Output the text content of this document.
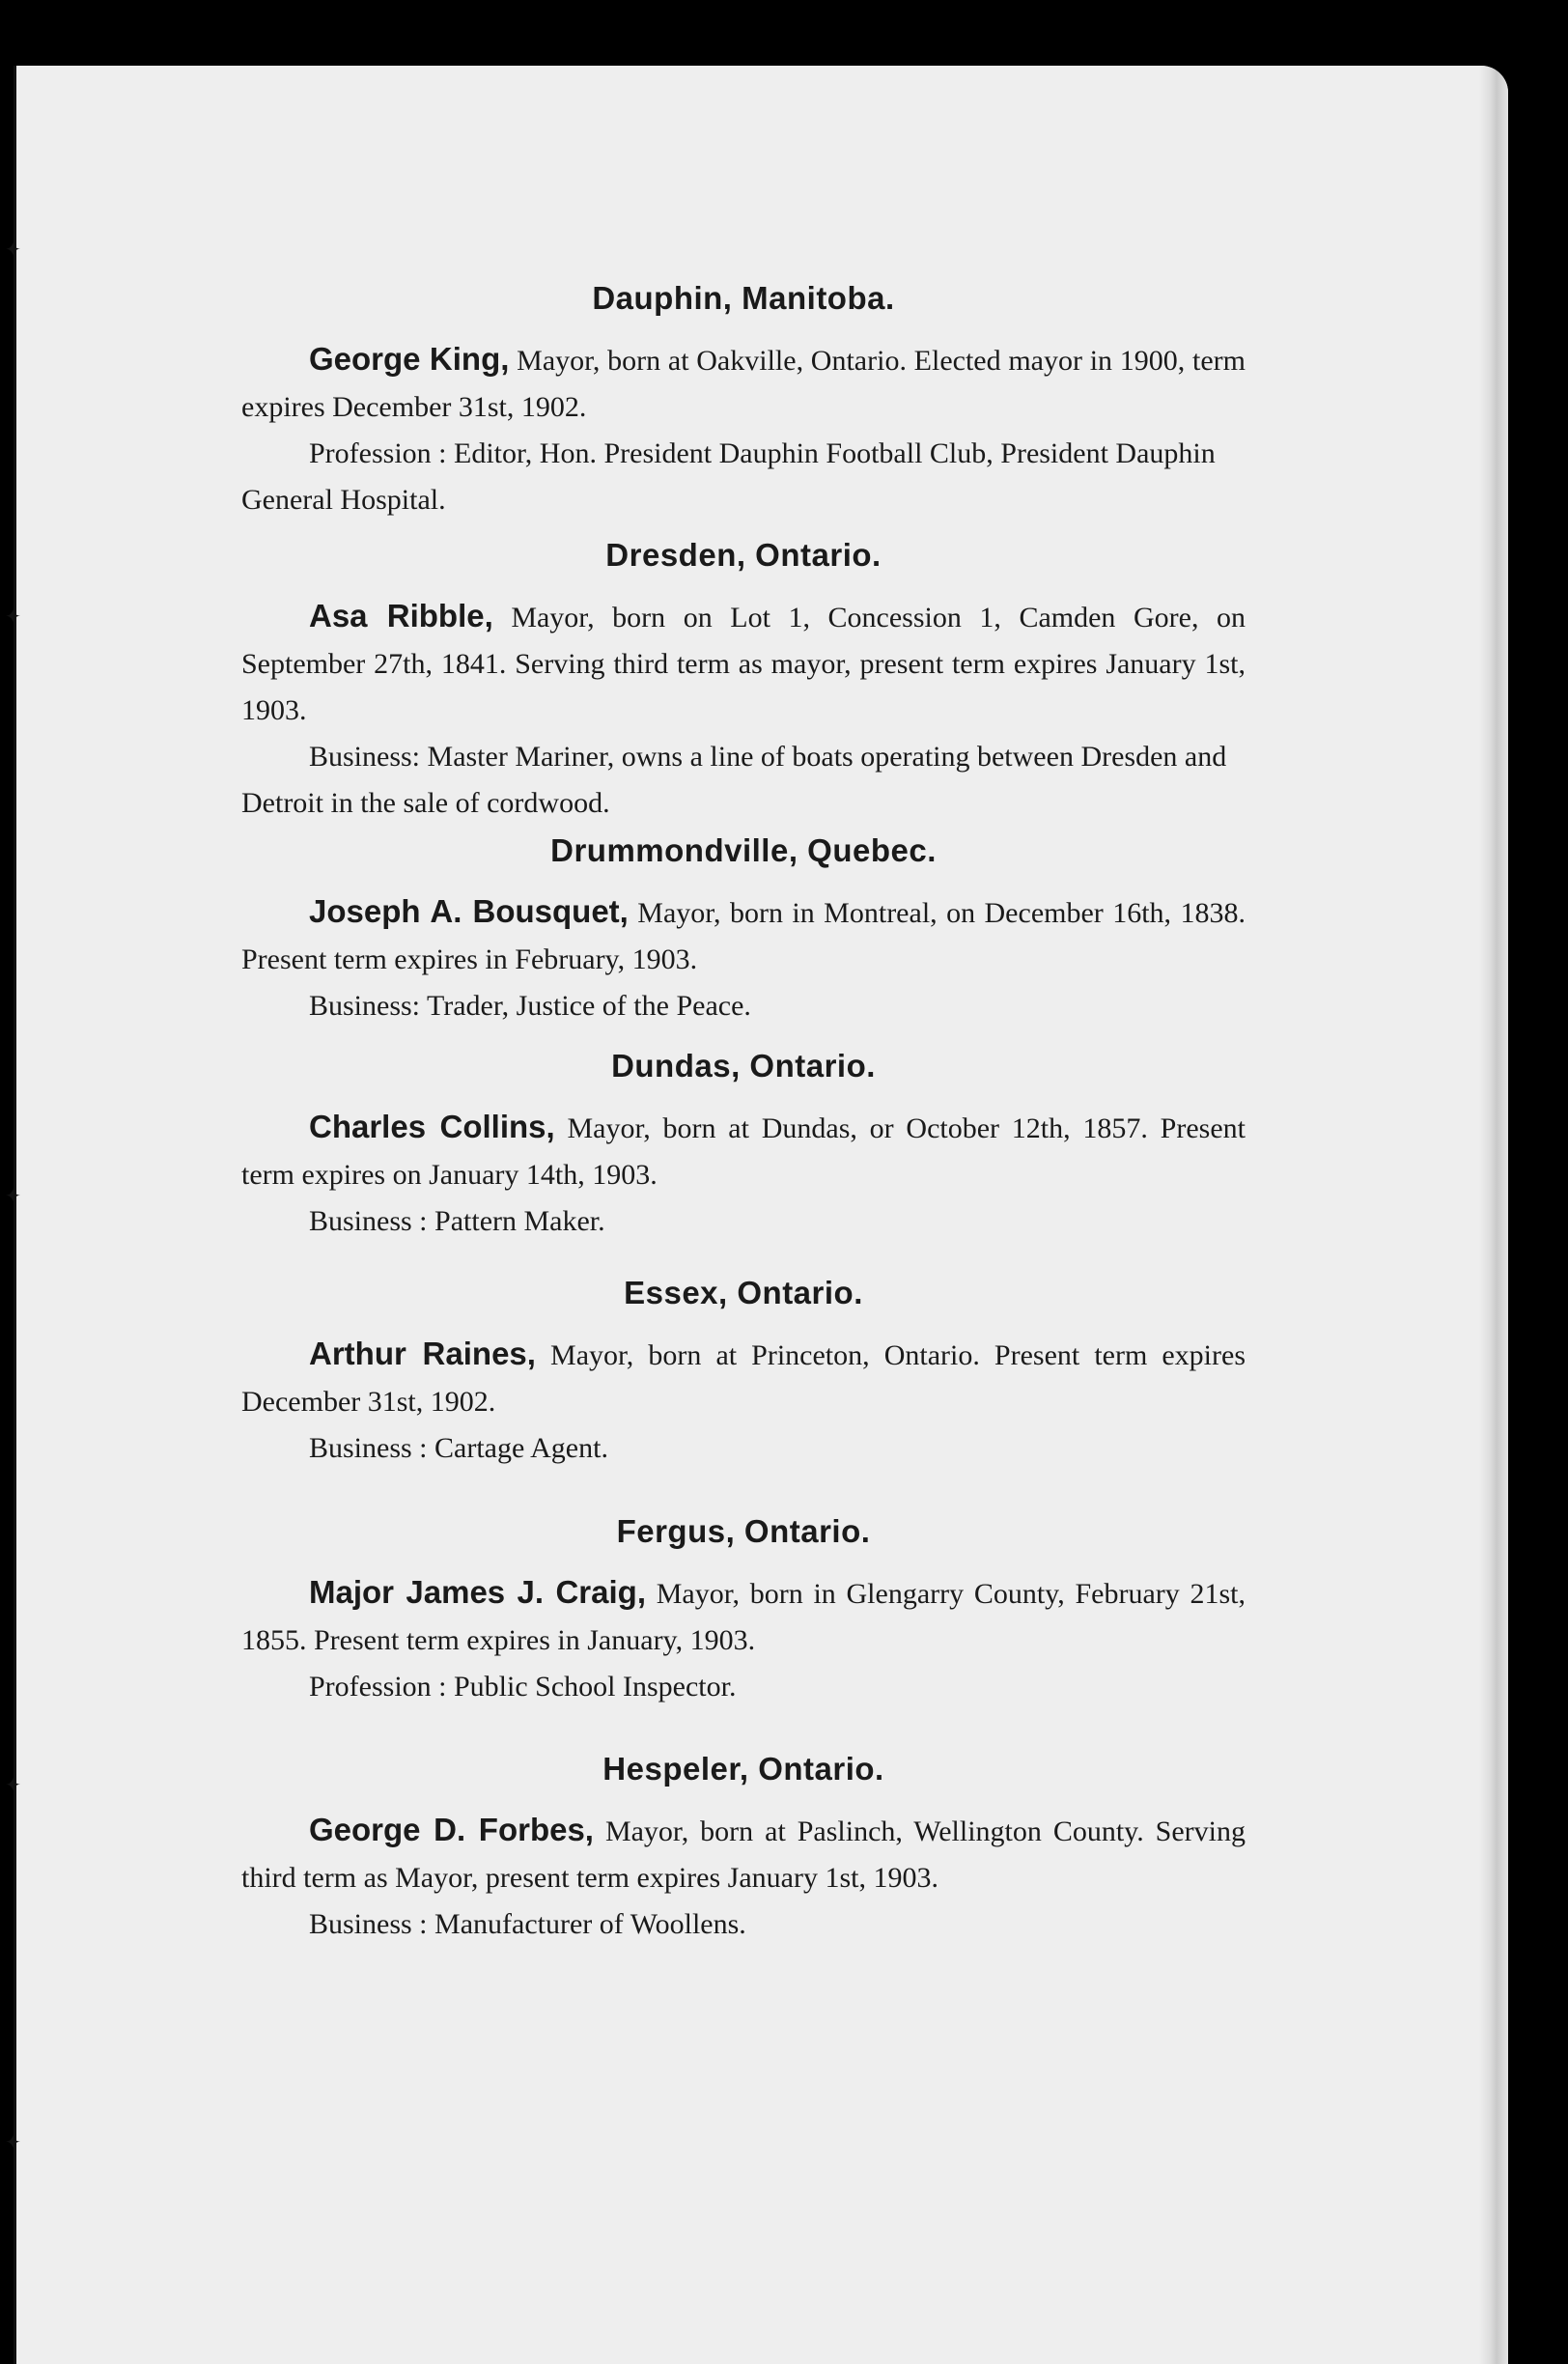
✦
✦
✦
✦
✦
Dauphin, Manitoba.

George King, Mayor, born at Oakville, Ontario. Elected mayor in 1900, term expires December 31st, 1902.

Profession : Editor, Hon. President Dauphin Football Club, President Dauphin General Hospital.

Dresden, Ontario.

Asa Ribble, Mayor, born on Lot 1, Concession 1, Camden Gore, on September 27th, 1841. Serving third term as mayor, present term expires January 1st, 1903.

Business: Master Mariner, owns a line of boats operating between Dresden and Detroit in the sale of cordwood.

Drummondville, Quebec.

Joseph A. Bousquet, Mayor, born in Montreal, on December 16th, 1838. Present term expires in February, 1903.

Business: Trader, Justice of the Peace.

Dundas, Ontario.

Charles Collins, Mayor, born at Dundas, or October 12th, 1857. Present term expires on January 14th, 1903.

Business : Pattern Maker.

Essex, Ontario.

Arthur Raines, Mayor, born at Princeton, Ontario. Present term expires December 31st, 1902.

Business : Cartage Agent.

Fergus, Ontario.

Major James J. Craig, Mayor, born in Glengarry County, February 21st, 1855. Present term expires in January, 1903.

Profession : Public School Inspector.

Hespeler, Ontario.

George D. Forbes, Mayor, born at Paslinch, Wellington County. Serving third term as Mayor, present term expires January 1st, 1903.

Business : Manufacturer of Woollens.
